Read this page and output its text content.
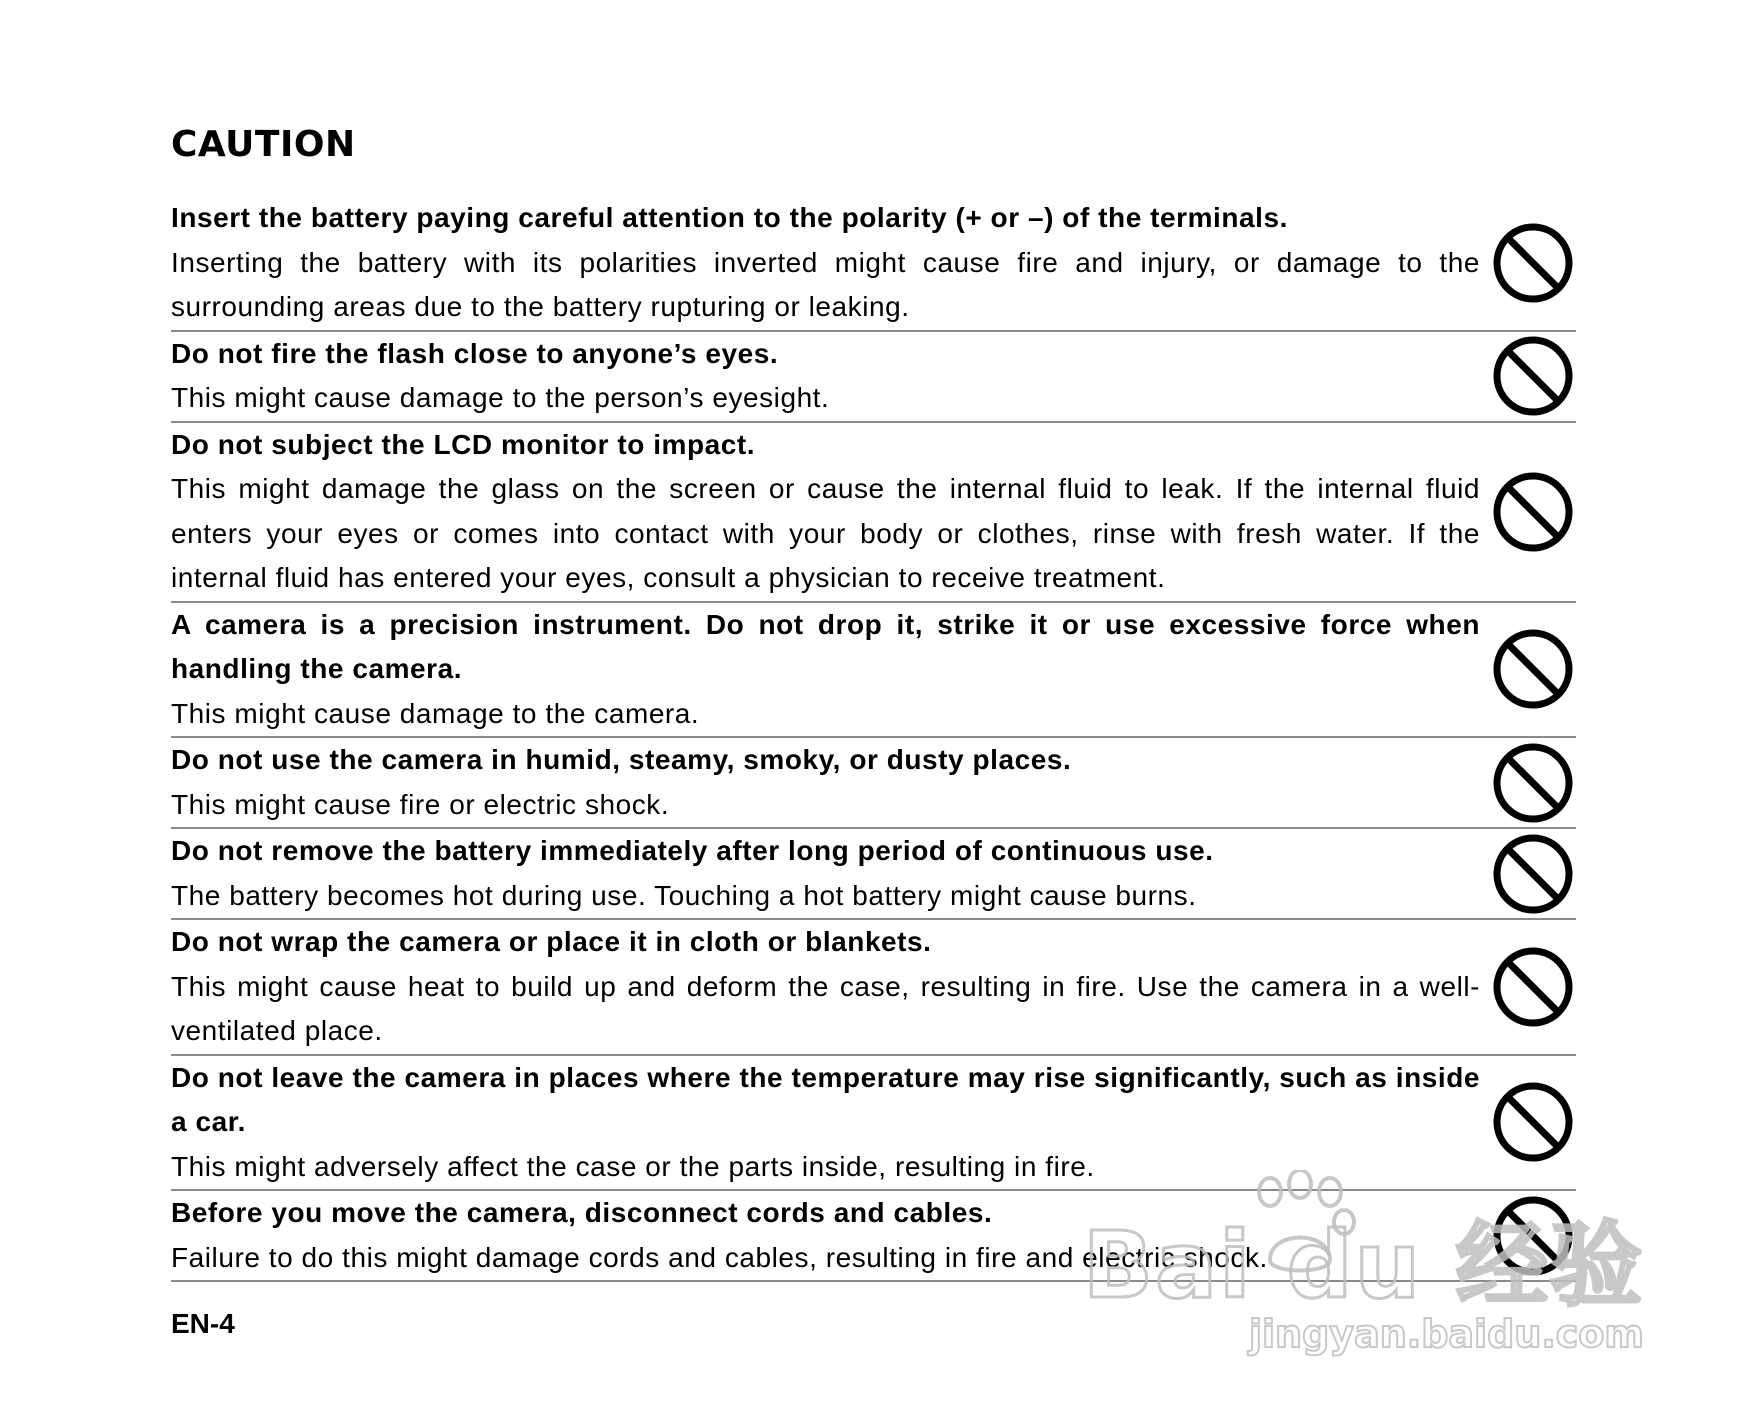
CAUTION
Insert the battery paying careful attention to the polarity (+ or –) of the terminals.
Inserting the battery with its polarities inverted might cause fire and injury, or damage to the surrounding areas due to the battery rupturing or leaking.
Do not fire the flash close to anyone’s eyes.
This might cause damage to the person’s eyesight.
Do not subject the LCD monitor to impact.
This might damage the glass on the screen or cause the internal fluid to leak. If the internal fluid enters your eyes or comes into contact with your body or clothes, rinse with fresh water. If the internal fluid has entered your eyes, consult a physician to receive treatment.
A camera is a precision instrument. Do not drop it, strike it or use excessive force when handling the camera.
This might cause damage to the camera.
Do not use the camera in humid, steamy, smoky, or dusty places.
This might cause fire or electric shock.
Do not remove the battery immediately after long period of continuous use.
The battery becomes hot during use. Touching a hot battery might cause burns.
Do not wrap the camera or place it in cloth or blankets.
This might cause heat to build up and deform the case, resulting in fire. Use the camera in a well-ventilated place.
Do not leave the camera in places where the temperature may rise significantly, such as inside a car.
This might adversely affect the case or the parts inside, resulting in fire.
Before you move the camera, disconnect cords and cables.
Failure to do this might damage cords and cables, resulting in fire and electric shock.
EN-4
Bai du 经验
jingyan.baidu.com
